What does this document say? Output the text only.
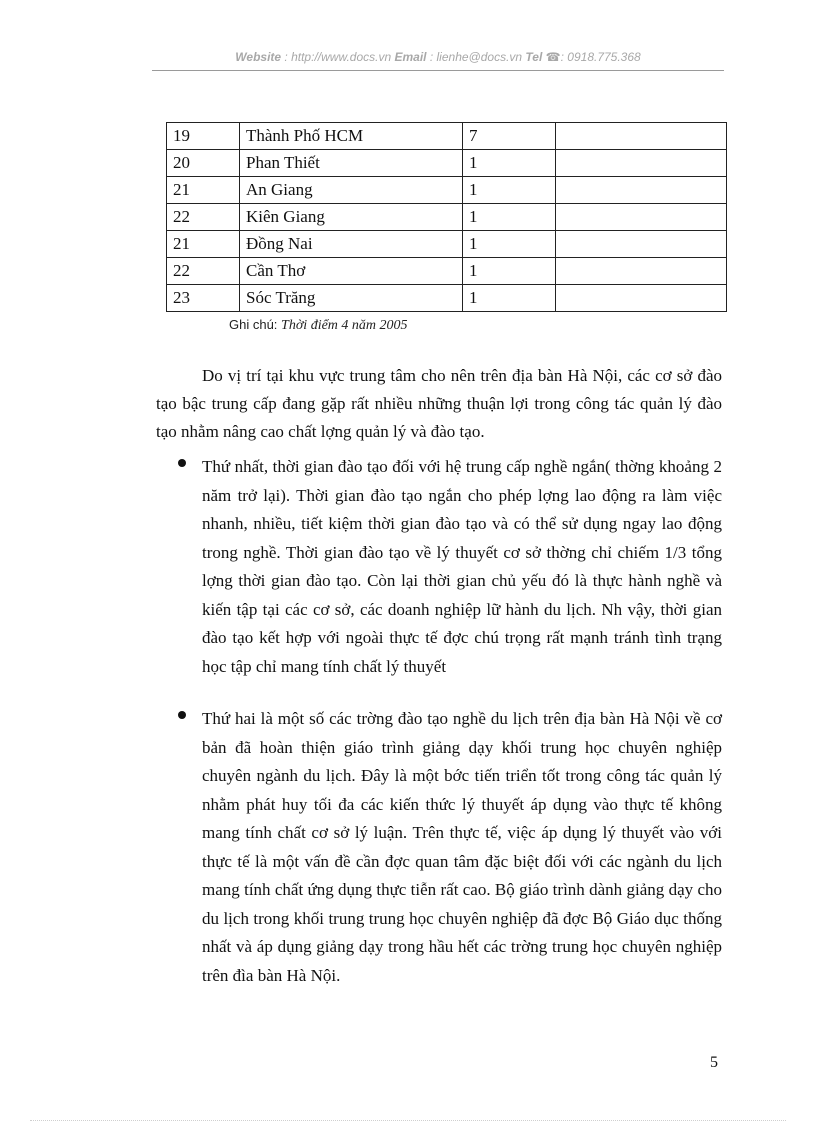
Website : http://www.docs.vn Email : lienhe@docs.vn Tel ☎: 0918.775.368
19	Thành Phố HCM	7	
20	Phan Thiết	1	
21	An Giang	1	
22	Kiên Giang	1	
21	Đồng Nai	1	
22	Cần Thơ	1	
23	Sóc Trăng	1	
Ghi chú: Thời điểm 4 năm 2005

Do vị trí tại khu vực trung tâm cho nên trên địa bàn Hà Nội, các cơ sở đào tạo bậc trung cấp đang gặp rất nhiều những thuận lợi trong công tác quản lý đào tạo nhằm nâng cao chất lợng quản lý và đào tạo.

Thứ nhất, thời gian đào tạo đối với hệ trung cấp nghề ngắn( thờng khoảng 2 năm trở lại). Thời gian đào tạo ngắn cho phép lợng lao động ra làm việc nhanh, nhiều, tiết kiệm thời gian đào tạo và có thể sử dụng ngay lao động trong nghề. Thời gian đào tạo về lý thuyết cơ sở thờng chỉ chiếm 1/3 tổng lợng thời gian đào tạo. Còn lại thời gian chủ yếu đó là thực hành nghề và kiến tập tại các cơ sở, các doanh nghiệp lữ hành du lịch. Nh vậy, thời gian đào tạo kết hợp với ngoài thực tế đợc chú trọng rất mạnh tránh tình trạng học tập chỉ mang tính chất lý thuyết

Thứ hai là một số các trờng đào tạo nghề du lịch trên địa bàn Hà Nội về cơ bản đã hoàn thiện giáo trình giảng dạy khối trung học chuyên nghiệp chuyên ngành du lịch. Đây là một bớc tiến triển tốt trong công tác quản lý nhằm phát huy tối đa các kiến thức lý thuyết áp dụng vào thực tế không mang tính chất cơ sở lý luận. Trên thực tế, việc áp dụng lý thuyết vào với thực tế là một vấn đề cần đợc quan tâm đặc biệt đối với các ngành du lịch mang tính chất ứng dụng thực tiễn rất cao. Bộ giáo trình dành giảng dạy cho du lịch trong khối trung trung học chuyên nghiệp đã đợc Bộ Giáo dục thống nhất và áp dụng giảng dạy trong hầu hết các trờng trung học chuyên nghiệp trên đìa bàn Hà Nội.

5
